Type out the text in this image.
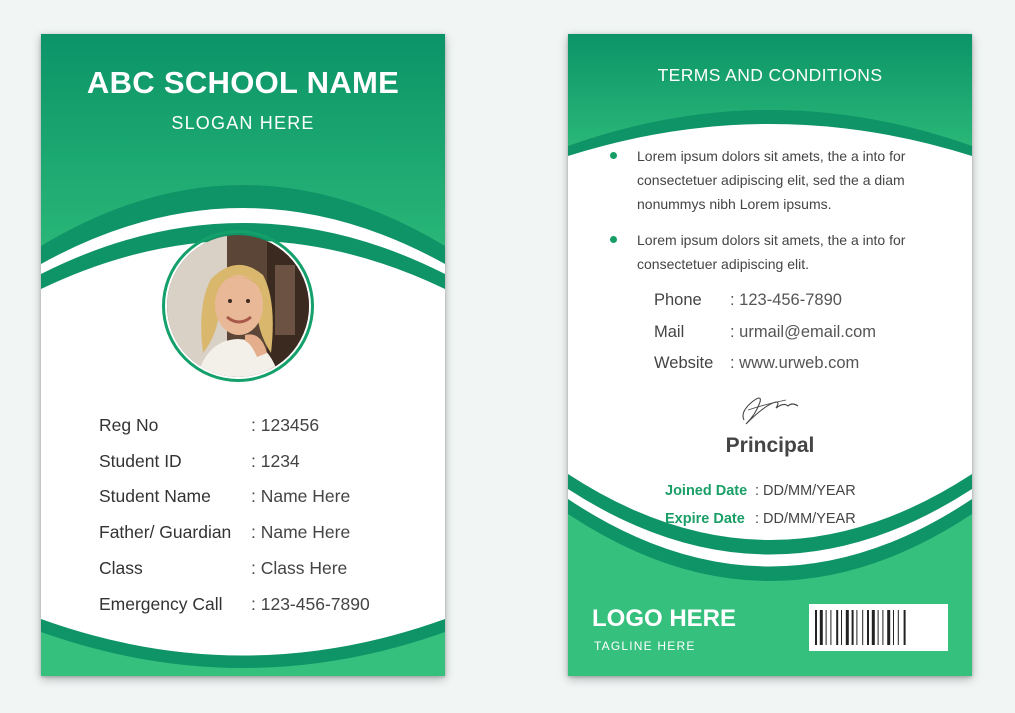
ABC SCHOOL NAME
SLOGAN HERE
Reg No	: 123456
Student ID	: 1234
Student Name : Name Here
Father/ Guardian : Name Here
Class	: Class Here
Emergency Call : 123-456-7890
TERMS AND CONDITIONS
Lorem ipsum dolors sit amets, the a into for
consectetuer adipiscing elit, sed the a diam
nonummys nibh Lorem ipsums.
Lorem ipsum dolors sit amets, the a into for
consectetuer adipiscing elit.
Phone : 123-456-7890
Mail	: urmail@email.com
Website : www.urweb.com
Principal
Joined Date : DD/MM/YEAR
Expire Date : DD/MM/YEAR
LOGO HERE
TAGLINE HERE
